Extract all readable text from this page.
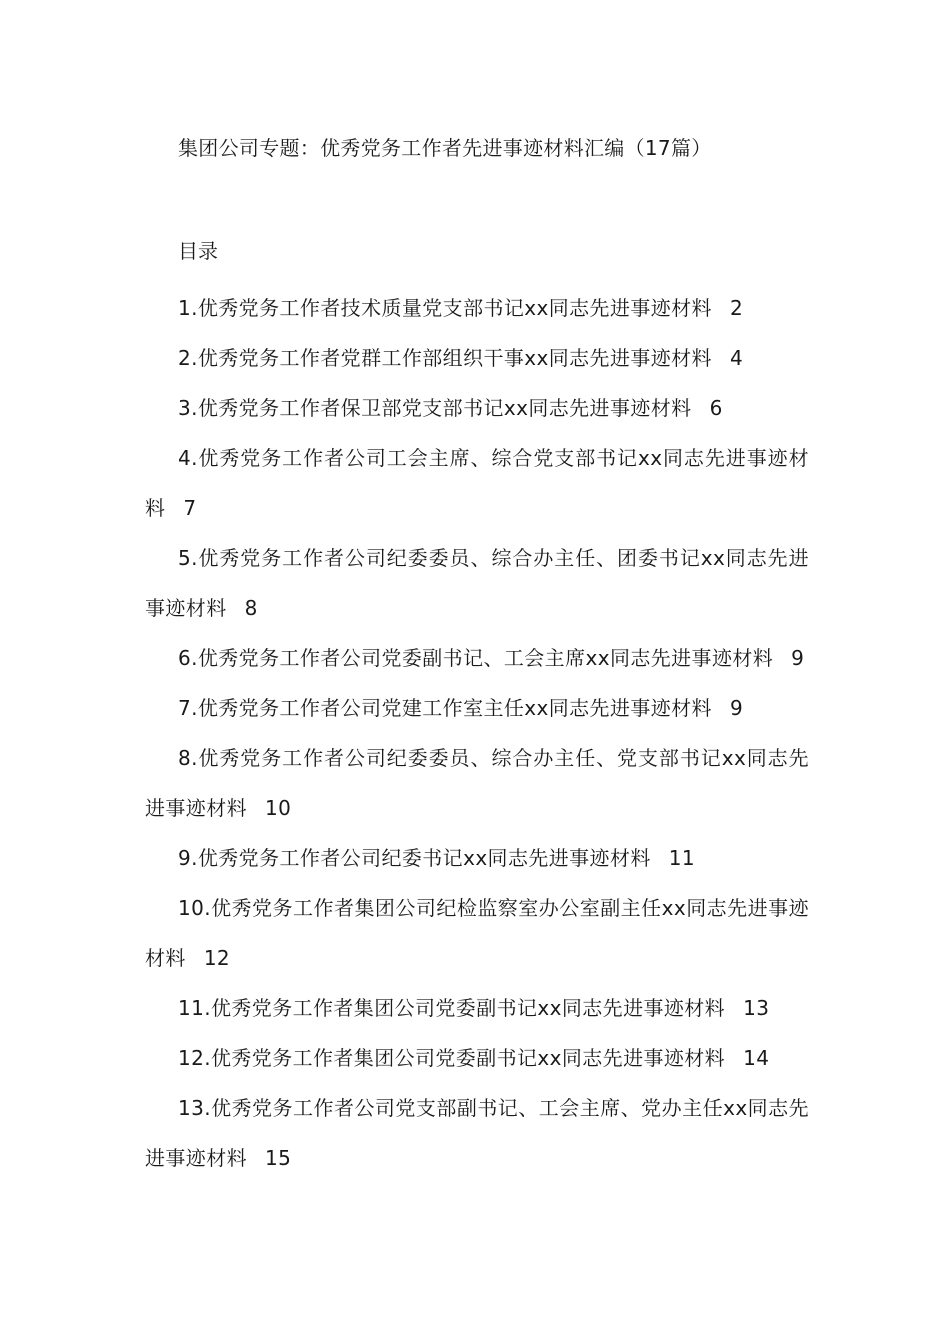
集团公司专题：优秀党务工作者先进事迹材料汇编（17篇）
目录
1.优秀党务工作者技术质量党支部书记xx同志先进事迹材料 2
2.优秀党务工作者党群工作部组织干事xx同志先进事迹材料 4
3.优秀党务工作者保卫部党支部书记xx同志先进事迹材料 6
4.优秀党务工作者公司工会主席、综合党支部书记xx同志先进事迹材料 7
5.优秀党务工作者公司纪委委员、综合办主任、团委书记xx同志先进事迹材料 8
6.优秀党务工作者公司党委副书记、工会主席xx同志先进事迹材料 9
7.优秀党务工作者公司党建工作室主任xx同志先进事迹材料 9
8.优秀党务工作者公司纪委委员、综合办主任、党支部书记xx同志先进事迹材料 10
9.优秀党务工作者公司纪委书记xx同志先进事迹材料 11
10.优秀党务工作者集团公司纪检监察室办公室副主任xx同志先进事迹材料 12
11.优秀党务工作者集团公司党委副书记xx同志先进事迹材料 13
12.优秀党务工作者集团公司党委副书记xx同志先进事迹材料 14
13.优秀党务工作者公司党支部副书记、工会主席、党办主任xx同志先进事迹材料 15
